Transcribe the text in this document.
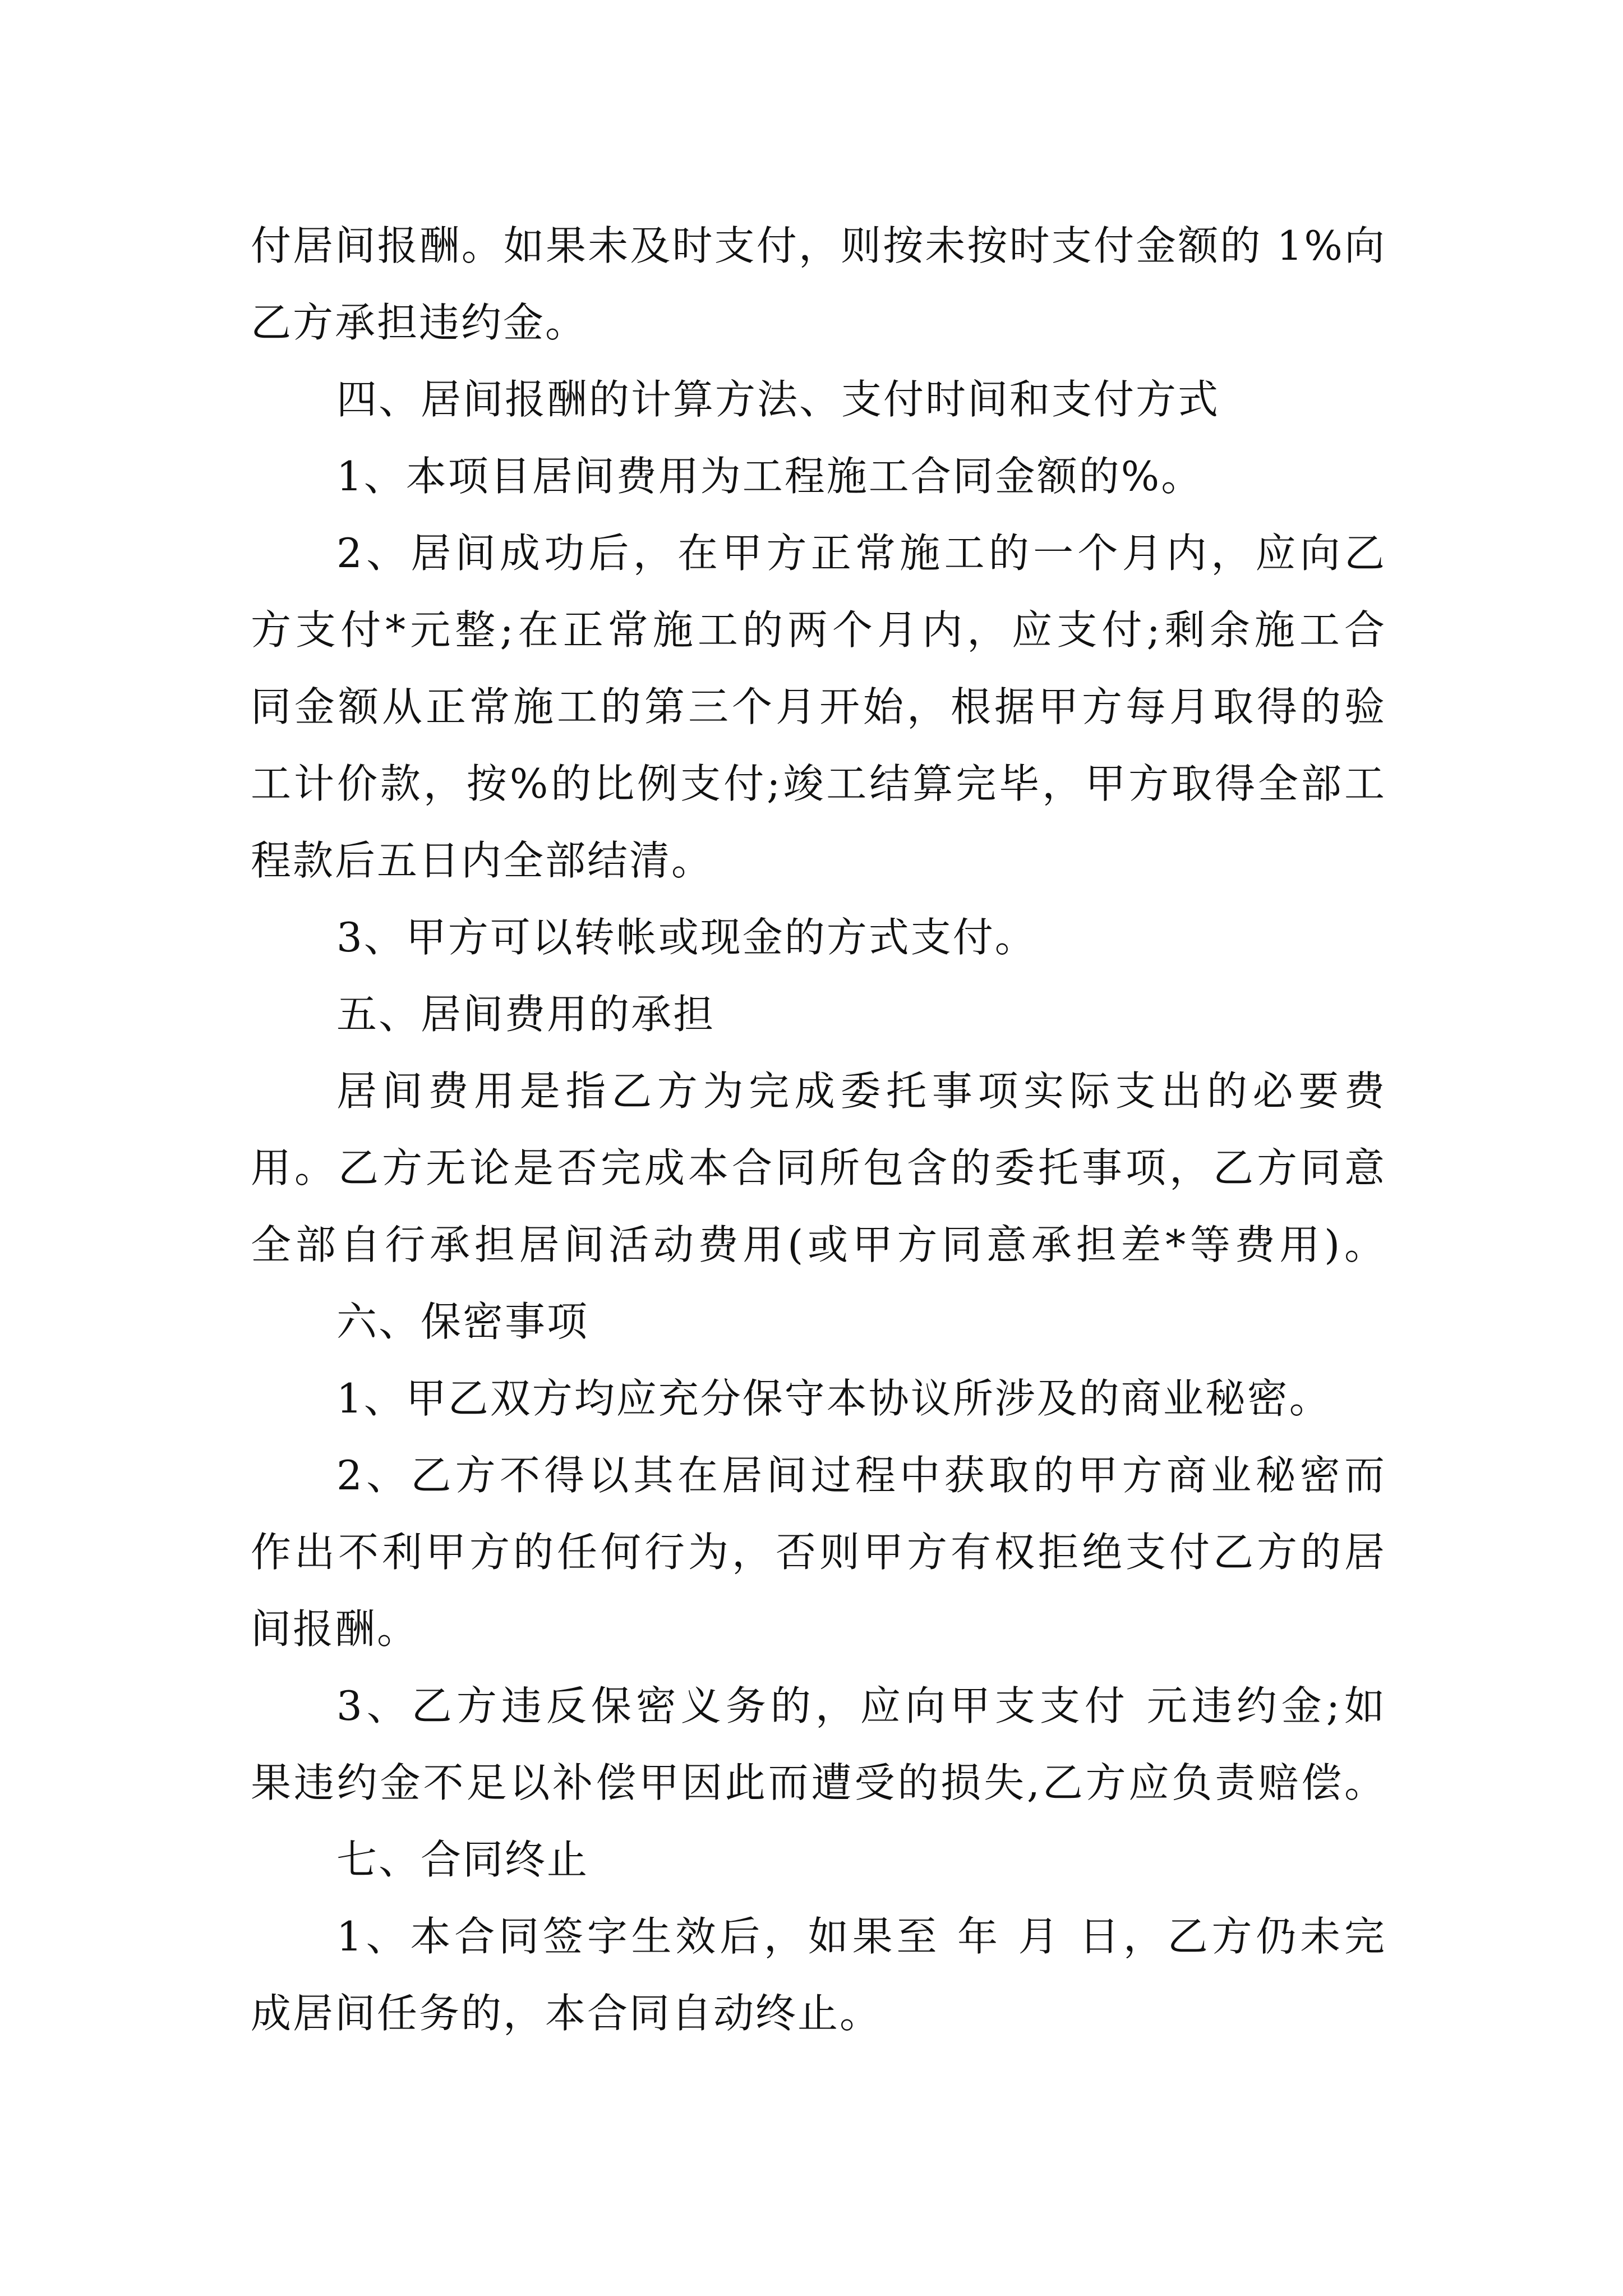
付居间报酬。如果未及时支付，则按未按时支付金额的 1%向
乙方承担违约金。
四、居间报酬的计算方法、支付时间和支付方式
1、本项目居间费用为工程施工合同金额的%。
2、居间成功后，在甲方正常施工的一个月内，应向乙
方支付*元整;在正常施工的两个月内，应支付;剩余施工合
同金额从正常施工的第三个月开始，根据甲方每月取得的验
工计价款，按%的比例支付;竣工结算完毕，甲方取得全部工
程款后五日内全部结清。
3、甲方可以转帐或现金的方式支付。
五、居间费用的承担
居间费用是指乙方为完成委托事项实际支出的必要费
用。乙方无论是否完成本合同所包含的委托事项，乙方同意
全部自行承担居间活动费用(或甲方同意承担差*等费用)。
六、保密事项
1、甲乙双方均应充分保守本协议所涉及的商业秘密。
2、乙方不得以其在居间过程中获取的甲方商业秘密而
作出不利甲方的任何行为，否则甲方有权拒绝支付乙方的居
间报酬。
3、乙方违反保密义务的，应向甲支支付 元违约金;如
果违约金不足以补偿甲因此而遭受的损失,乙方应负责赔偿。
七、合同终止
1、本合同签字生效后，如果至 年 月 日，乙方仍未完
成居间任务的，本合同自动终止。
